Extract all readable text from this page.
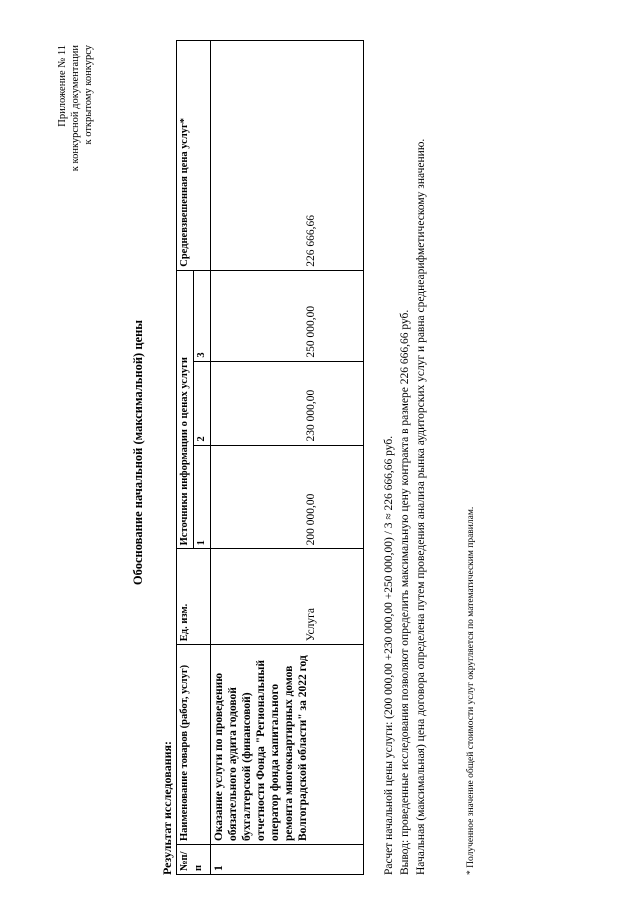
Приложение № 11 к конкурсной документации к открытому конкурсу
Обоснование начальной (максимальной) цены
Результат исследования: №п/п	Наименование товаров (работ, услуг)	Ед. изм.	Источники информации о ценах услуги			Средневзвешенная цена услуг*
			1	2	3	
1	Оказание услуги по проведению обязательного аудита годовой бухгалтерской (финансовой) отчетности Фонда "Региональный оператор фонда капитального ремонта многоквартирных домов Волгоградской области" за 2022 год	Услуга	200 000,00	230 000,00	250 000,00	226 666,66
Расчет начальной цены услуги: (200 000,00 +230 000,00 +250 000,00) / 3 ≈ 226 666,66 руб. Вывод: проведенные исследования позволяют определить максимальную цену контракта в размере 226 666,66 руб. Начальная (максимальная) цена договора определена путем проведения анализа рынка аудиторских услуг и равна среднеарифметическому значению.	* Полученное значение общей стоимости услуг округляется по математическим правилам.
